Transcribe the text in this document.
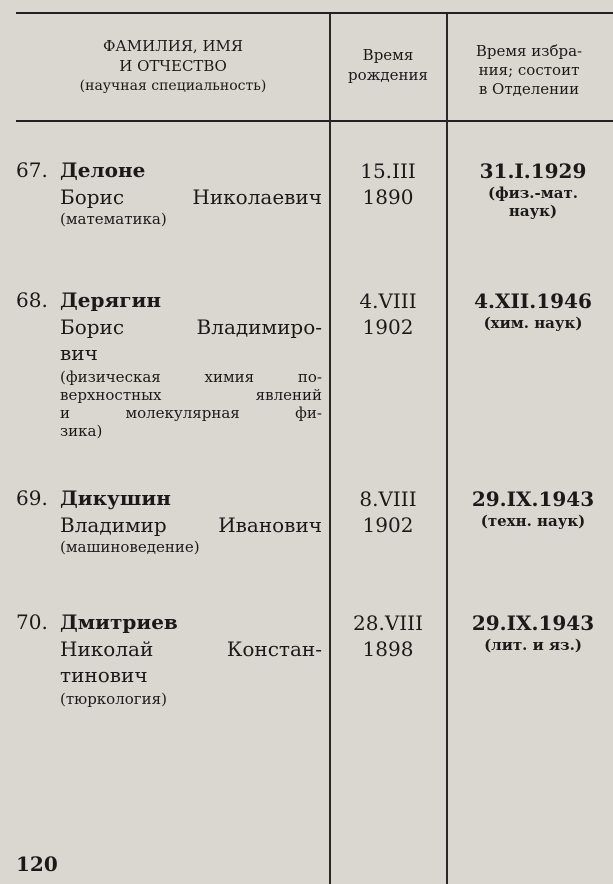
ФАМИЛИЯ, ИМЯ
И ОТЧЕСТВО
(научная специальность)
Время
рождения
Время избра-
ния; состоит
в Отделении
67. Делоне
Борис Николаевич
(математика)
15.III
1890
31.I.1929
(физ.-мат.
наук)
68. Дерягин
Борис Владимиро-
вич
(физическая химия по-
верхностных явлений
и молекулярная фи-
зика)
4.VIII
1902
4.XII.1946
(хим. наук)
69. Дикушин
Владимир Иванович
(машиноведение)
8.VIII
1902
29.IX.1943
(техн. наук)
70. Дмитриев
Николай Констан-
тинович
(тюркология)
28.VIII
1898
29.IX.1943
(лит. и яз.)
120
